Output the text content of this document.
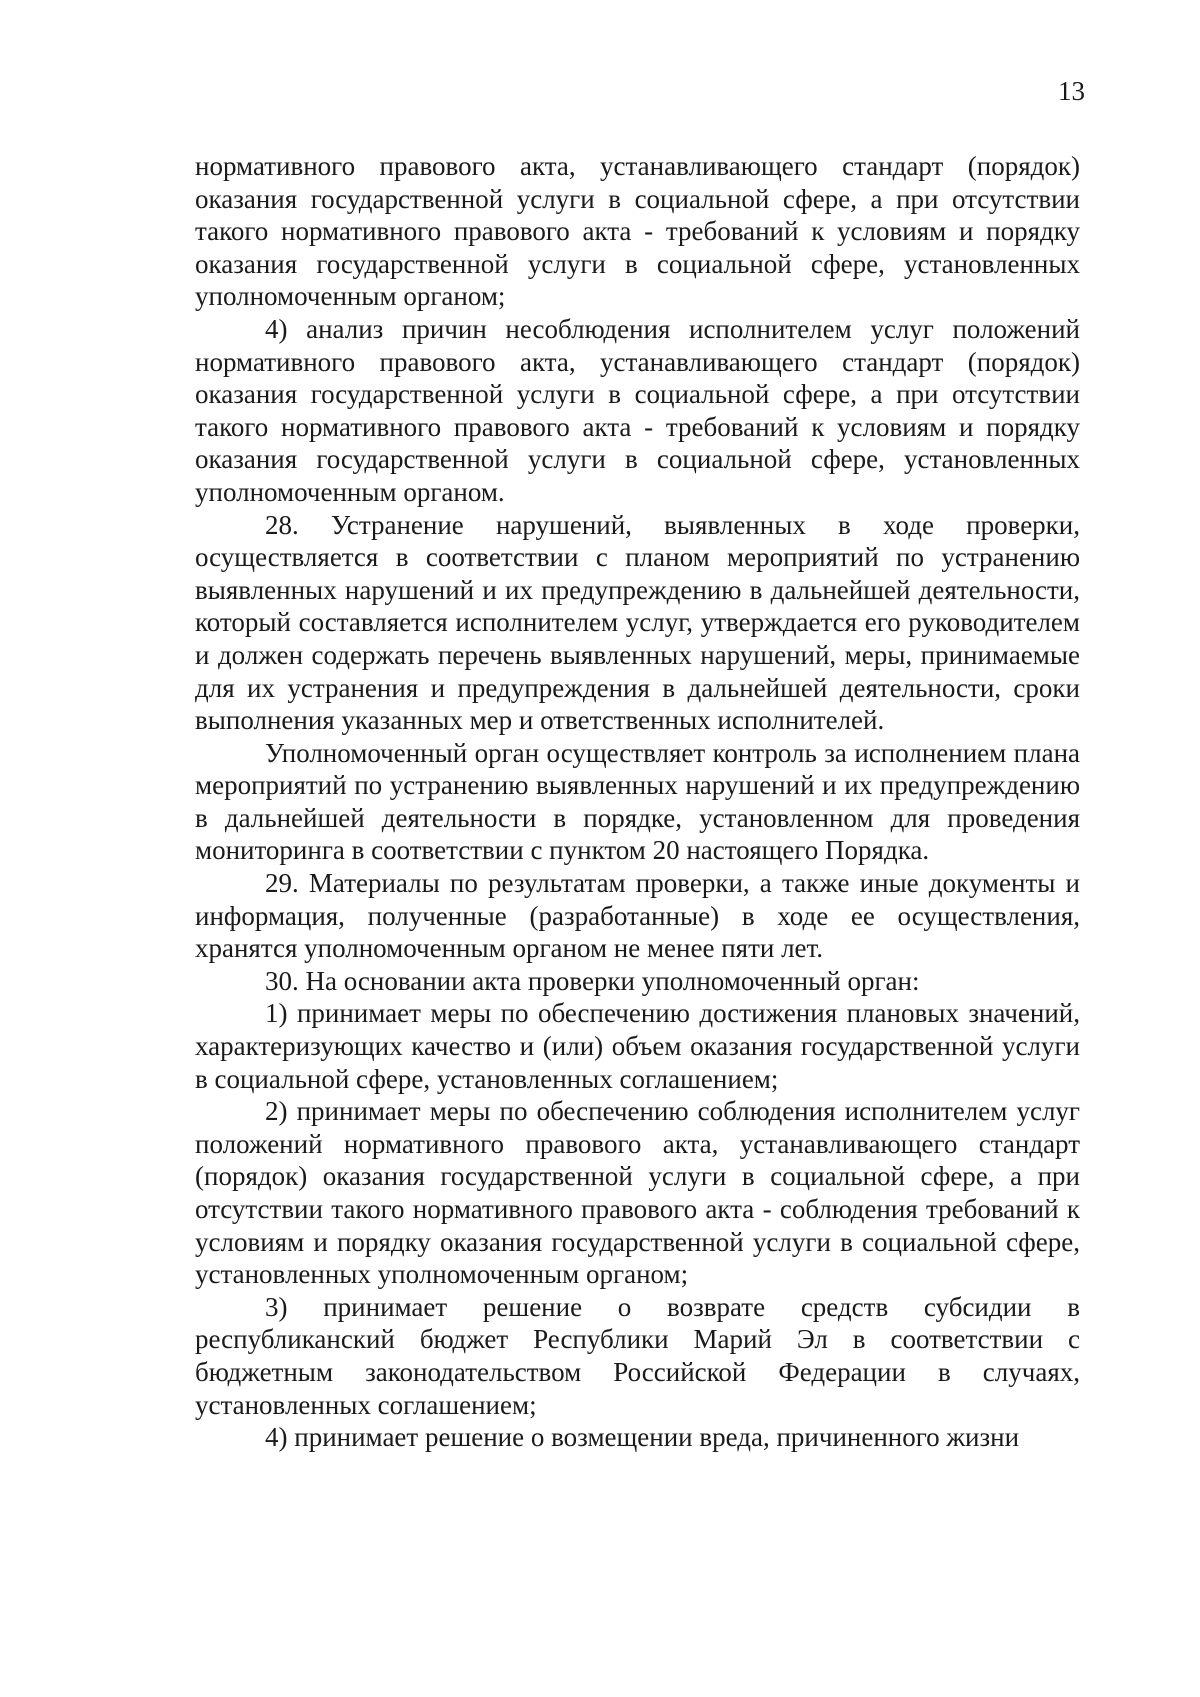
13

нормативного правового акта, устанавливающего стандарт (порядок) оказания государственной услуги в социальной сфере, а при отсутствии такого нормативного правового акта - требований к условиям и порядку оказания государственной услуги в социальной сфере, установленных уполномоченным органом;

4) анализ причин несоблюдения исполнителем услуг положений нормативного правового акта, устанавливающего стандарт (порядок) оказания государственной услуги в социальной сфере, а при отсутствии такого нормативного правового акта - требований к условиям и порядку оказания государственной услуги в социальной сфере, установленных уполномоченным органом.

28. Устранение нарушений, выявленных в ходе проверки, осуществляется в соответствии с планом мероприятий по устранению выявленных нарушений и их предупреждению в дальнейшей деятельности, который составляется исполнителем услуг, утверждается его руководителем и должен содержать перечень выявленных нарушений, меры, принимаемые для их устранения и предупреждения в дальнейшей деятельности, сроки выполнения указанных мер и ответственных исполнителей.

Уполномоченный орган осуществляет контроль за исполнением плана мероприятий по устранению выявленных нарушений и их предупреждению в дальнейшей деятельности в порядке, установленном для проведения мониторинга в соответствии с пунктом 20 настоящего Порядка.

29. Материалы по результатам проверки, а также иные документы и информация, полученные (разработанные) в ходе ее осуществления, хранятся уполномоченным органом не менее пяти лет.

30. На основании акта проверки уполномоченный орган:

1) принимает меры по обеспечению достижения плановых значений, характеризующих качество и (или) объем оказания государственной услуги в социальной сфере, установленных соглашением;

2) принимает меры по обеспечению соблюдения исполнителем услуг положений нормативного правового акта, устанавливающего стандарт (порядок) оказания государственной услуги в социальной сфере, а при отсутствии такого нормативного правового акта - соблюдения требований к условиям и порядку оказания государственной услуги в социальной сфере, установленных уполномоченным органом;

3) принимает решение о возврате средств субсидии в республиканский бюджет Республики Марий Эл в соответствии с бюджетным законодательством Российской Федерации в случаях, установленных соглашением;

4) принимает решение о возмещении вреда, причиненного жизни
